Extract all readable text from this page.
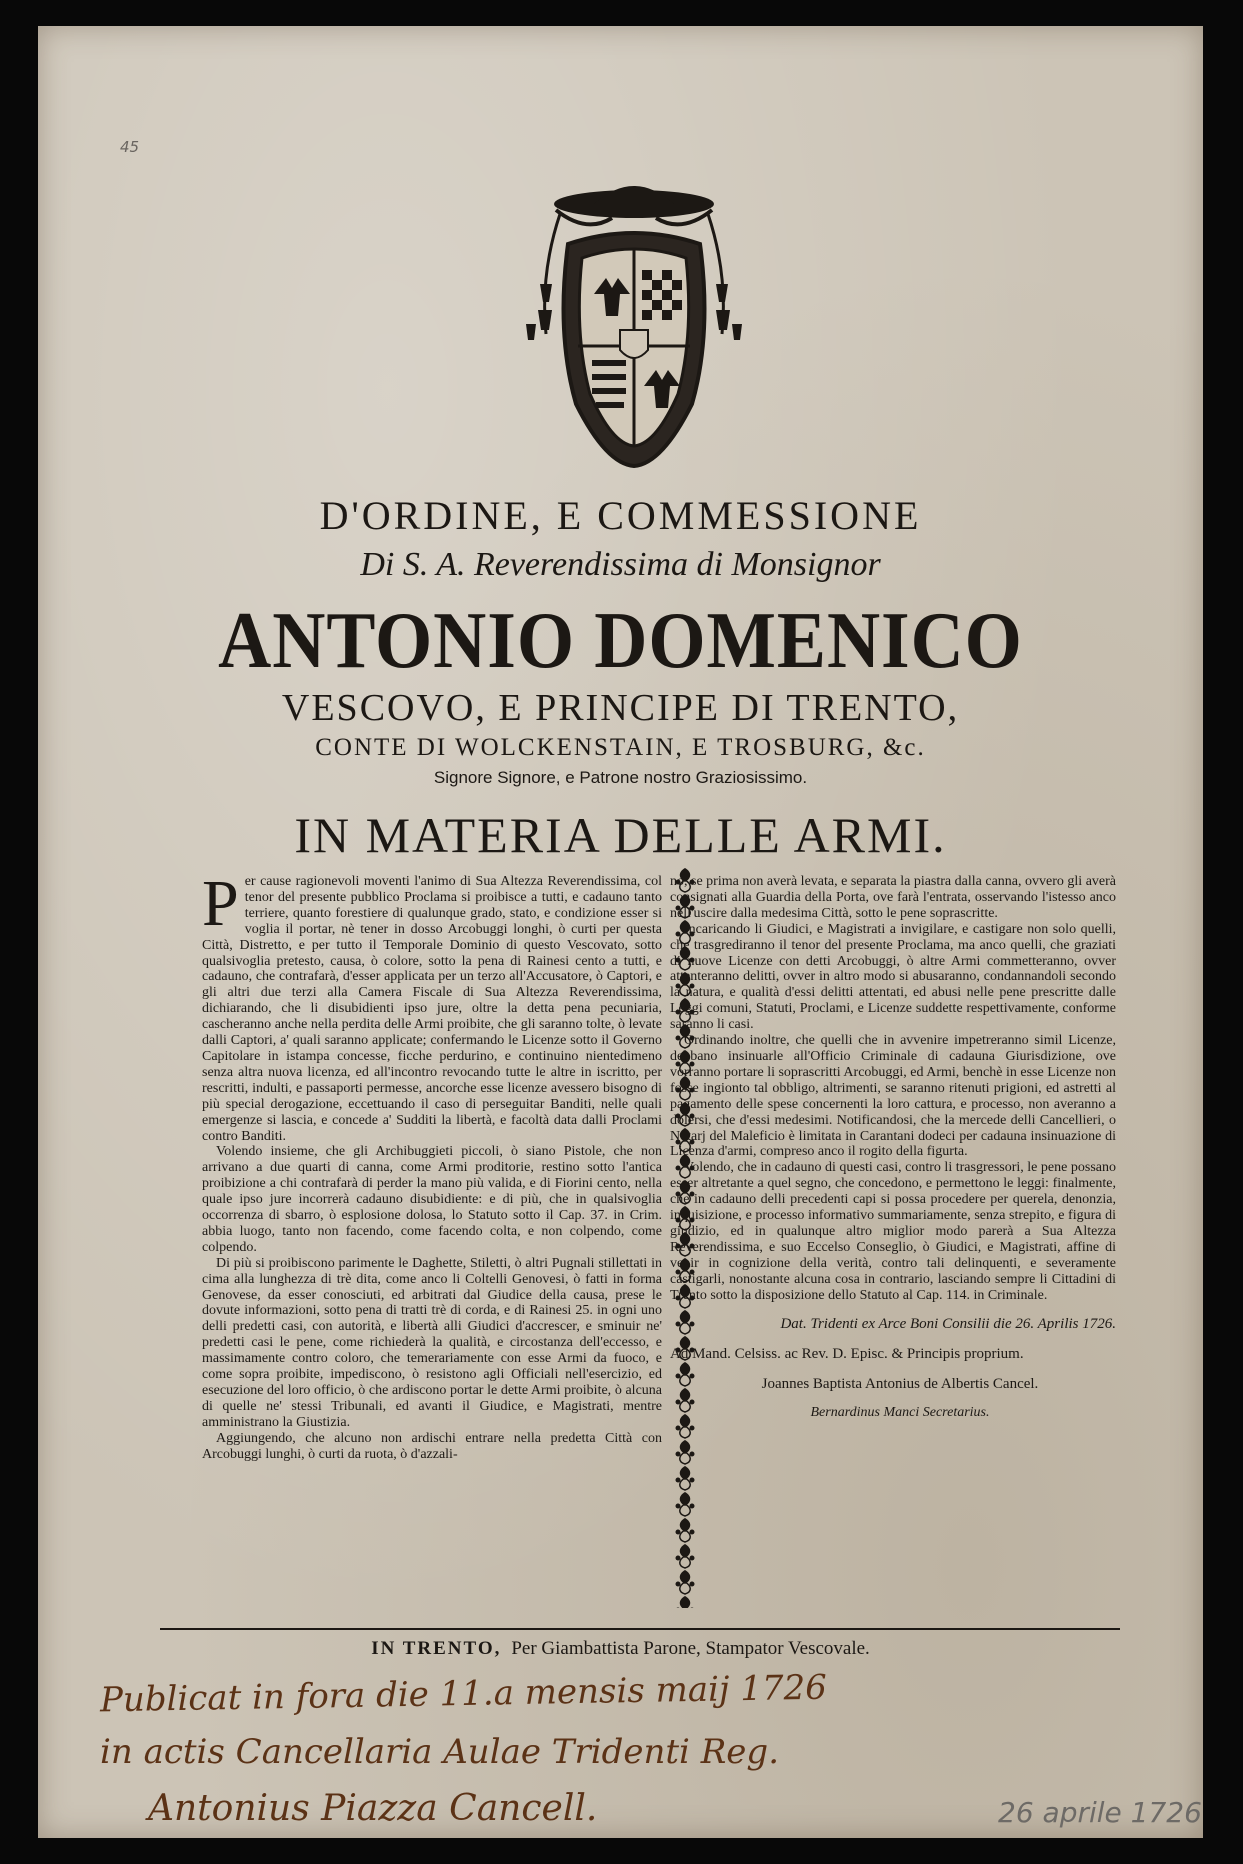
45
D'ORDINE, E COMMESSIONE
Di S. A. Reverendissima di Monsignor
ANTONIO DOMENICO
VESCOVO, E PRINCIPE DI TRENTO,
CONTE DI WOLCKENSTAIN, E TROSBURG, &c.
Signore Signore, e Patrone nostro Graziosissimo.
IN MATERIA DELLE ARMI.
P er cause ragionevoli moventi l'animo di Sua Altezza Reverendissima, col tenor del presente pubblico Proclama si proibisce a tutti, e cadauno tanto terriere, quanto forestiere di qualunque grado, stato, e condizione esser si voglia il portar, nè tener in dosso Arcobuggi longhi, ò curti per questa Città, Distretto, e per tutto il Temporale Dominio di questo Vescovato, sotto qualsivoglia pretesto, causa, ò colore, sotto la pena di Rainesi cento a tutti, e cadauno, che contrafarà, d'esser applicata per un terzo all'Accusatore, ò Captori, e gli altri due terzi alla Camera Fiscale di Sua Altezza Reverendissima, dichiarando, che li disubidienti ipso jure, oltre la detta pena pecuniaria, cascheranno anche nella perdita delle Armi proibite, che gli saranno tolte, ò levate dalli Captori, a' quali saranno applicate; confermando le Licenze sotto il Governo Capitolare in istampa concesse, ficche perdurino, e continuino nientedimeno senza altra nuova licenza, ed all'incontro revocando tutte le altre in iscritto, per rescritti, indulti, e passaporti permesse, ancorche esse licenze avessero bisogno di più special derogazione, eccettuando il caso di perseguitar Banditi, nelle quali emergenze si lascia, e concede a' Sudditi la libertà, e facoltà data dalli Proclami contro Banditi.

Volendo insieme, che gli Archibuggieti piccoli, ò siano Pistole, che non arrivano a due quarti di canna, come Armi proditorie, restino sotto l'antica proibizione a chi contrafarà di perder la mano più valida, e di Fiorini cento, nella quale ipso jure incorrerà cadauno disubidiente: e di più, che in qualsivoglia occorrenza di sbarro, ò esplosione dolosa, lo Statuto sotto il Cap. 37. in Crim. abbia luogo, tanto non facendo, come facendo colta, e non colpendo, come colpendo.

Di più si proibiscono parimente le Daghette, Stiletti, ò altri Pugnali stillettati in cima alla lunghezza di trè dita, come anco li Coltelli Genovesi, ò fatti in forma Genovese, da esser conosciuti, ed arbitrati dal Giudice della causa, prese le dovute informazioni, sotto pena di tratti trè di corda, e di Rainesi 25. in ogni uno delli predetti casi, con autorità, e libertà alli Giudici d'accrescer, e sminuir ne' predetti casi le pene, come richiederà la qualità, e circostanza dell'eccesso, e massimamente contro coloro, che temerariamente con esse Armi da fuoco, e come sopra proibite, impediscono, ò resistono agli Officiali nell'esercizio, ed esecuzione del loro officio, ò che ardiscono portar le dette Armi proibite, ò alcuna di quelle ne' stessi Tribunali, ed avanti il Giudice, e Magistrati, mentre amministrano la Giustizia.

Aggiungendo, che alcuno non ardischi entrare nella predetta Città con Arcobuggi lunghi, ò curti da ruota, ò d'azzali-

no, se prima non averà levata, e separata la piastra dalla canna, ovvero gli averà consignati alla Guardia della Porta, ove farà l'entrata, osservando l'istesso anco nell'uscire dalla medesima Città, sotto le pene soprascritte.

Incaricando li Giudici, e Magistrati a invigilare, e castigare non solo quelli, che trasgrediranno il tenor del presente Proclama, ma anco quelli, che graziati di nuove Licenze con detti Arcobuggi, ò altre Armi commetteranno, ovver attenteranno delitti, ovver in altro modo si abusaranno, condannandoli secondo la natura, e qualità d'essi delitti attentati, ed abusi nelle pene prescritte dalle Leggi comuni, Statuti, Proclami, e Licenze suddette respettivamente, conforme saranno li casi.

Ordinando inoltre, che quelli che in avvenire impetreranno simil Licenze, debbano insinuarle all'Officio Criminale di cadauna Giurisdizione, ove vorranno portare li soprascritti Arcobuggi, ed Armi, benchè in esse Licenze non fosse ingionto tal obbligo, altrimenti, se saranno ritenuti prigioni, ed astretti al pagamento delle spese concernenti la loro cattura, e processo, non averanno a dolersi, che d'essi medesimi. Notificandosi, che la mercede delli Cancellieri, o Notarj del Maleficio è limitata in Carantani dodeci per cadauna insinuazione di Licenza d'armi, compreso anco il rogito della figurta.

Volendo, che in cadauno di questi casi, contro li trasgressori, le pene possano esser altretante a quel segno, che concedono, e permettono le leggi: finalmente, che in cadauno delli precedenti capi si possa procedere per querela, denonzia, inquisizione, e processo informativo summariamente, senza strepito, e figura di giudizio, ed in qualunque altro miglior modo parerà a Sua Altezza Reverendissima, e suo Eccelso Conseglio, ò Giudici, e Magistrati, affine di venir in cognizione della verità, contro tali delinquenti, e severamente castigarli, nonostante alcuna cosa in contrario, lasciando sempre li Cittadini di Trento sotto la disposizione dello Statuto al Cap. 114. in Criminale.

Dat. Tridenti ex Arce Boni Consilii die 26. Aprilis 1726.

Ad Mand. Celsiss. ac Rev. D. Episc. & Principis proprium.

Joannes Baptista Antonius de Albertis Cancel.

Bernardinus Manci Secretarius.

IN TRENTO, Per Giambattista Parone, Stampator Vescovale.
Publicat in fora die 11.a mensis maij 1726
in actis Cancellaria Aulae Tridenti Reg.
Antonius Piazza Cancell.	26 aprile 1726
